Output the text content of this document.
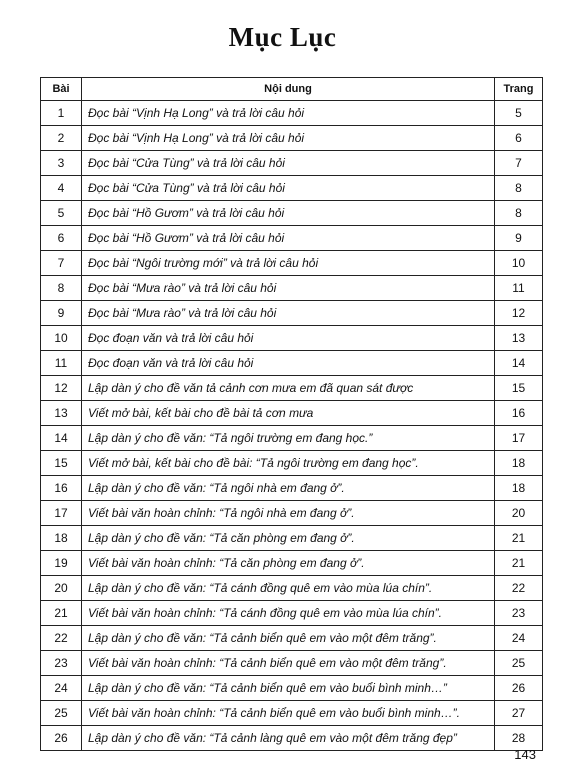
Mục Lục
Bài	Nội dung	Trang
1	Đọc bài “Vịnh Hạ Long” và trả lời câu hỏi	5
2	Đọc bài “Vịnh Hạ Long” và trả lời câu hỏi	6
3	Đọc bài “Cửa Tùng” và trả lời câu hỏi	7
4	Đọc bài “Cửa Tùng” và trả lời câu hỏi	8
5	Đọc bài “Hồ Gươm” và trả lời câu hỏi	8
6	Đọc bài “Hồ Gươm” và trả lời câu hỏi	9
7	Đọc bài “Ngôi trường mới” và trả lời câu hỏi	10
8	Đọc bài “Mưa rào” và trả lời câu hỏi	11
9	Đọc bài “Mưa rào” và trả lời câu hỏi	12
10	Đọc đoạn văn và trả lời câu hỏi	13
11	Đọc đoạn văn và trả lời câu hỏi	14
12	Lập dàn ý cho đề văn tả cảnh cơn mưa em đã quan sát được	15
13	Viết mở bài, kết bài cho đề bài tả cơn mưa	16
14	Lập dàn ý cho đề văn: “Tả ngôi trường em đang học.”	17
15	Viết mở bài, kết bài cho đề bài: “Tả ngôi trường em đang học”.	18
16	Lập dàn ý cho đề văn: “Tả ngôi nhà em đang ở”.	18
17	Viết bài văn hoàn chỉnh: “Tả ngôi nhà em đang ở”.	20
18	Lập dàn ý cho đề văn: “Tả căn phòng em đang ở”.	21
19	Viết bài văn hoàn chỉnh: “Tả căn phòng em đang ở”.	21
20	Lập dàn ý cho đề văn: “Tả cánh đồng quê em vào mùa lúa chín”.	22
21	Viết bài văn hoàn chỉnh: “Tả cánh đồng quê em vào mùa lúa chín”.	23
22	Lập dàn ý cho đề văn: “Tả cảnh biển quê em vào một đêm trăng”.	24
23	Viết bài văn hoàn chỉnh: “Tả cảnh biển quê em vào một đêm trăng”.	25
24	Lập dàn ý cho đề văn: “Tả cảnh biển quê em vào buổi bình minh…”	26
25	Viết bài văn hoàn chỉnh: “Tả cảnh biển quê em vào buổi bình minh…”.	27
26	Lập dàn ý cho đề văn: “Tả cảnh làng quê em vào một đêm trăng đẹp”	28
143
